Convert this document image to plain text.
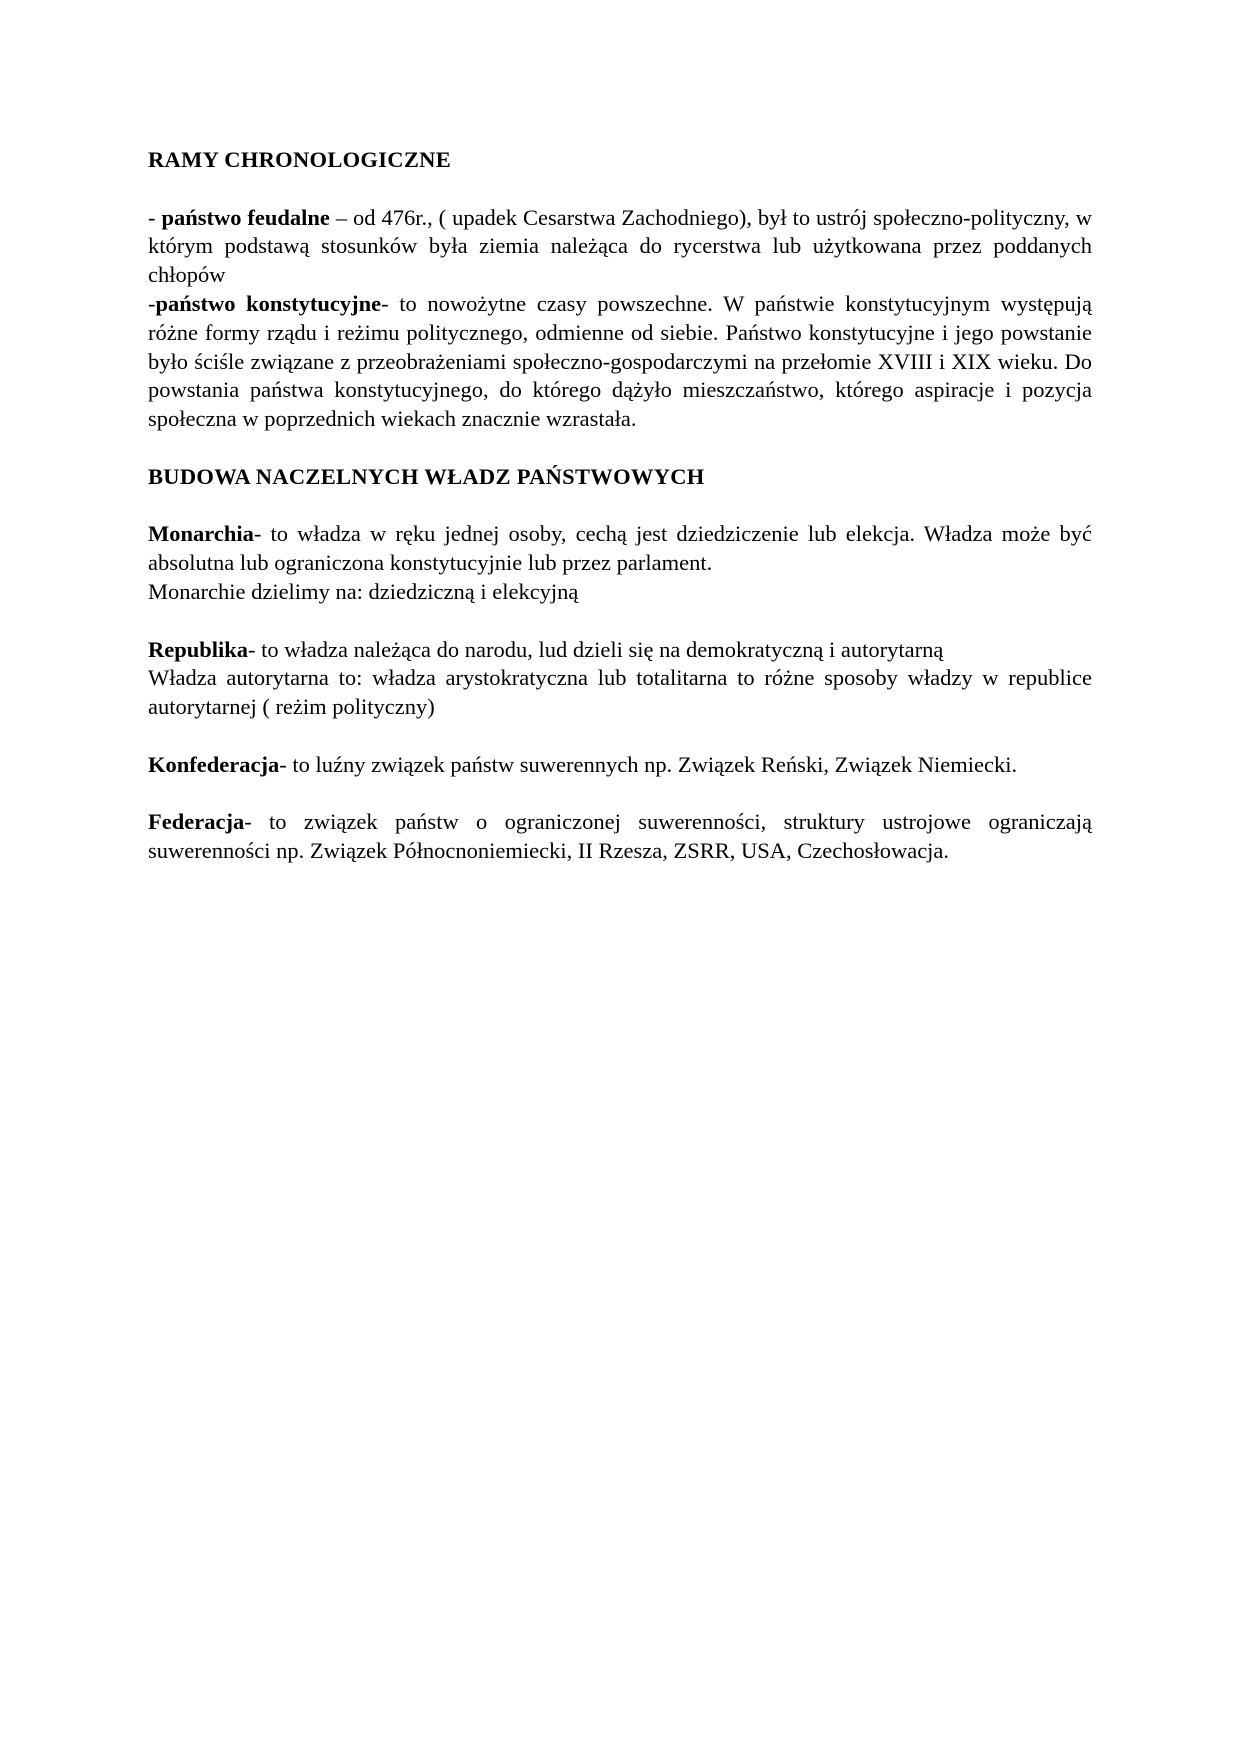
RAMY CHRONOLOGICZNE

- państwo feudalne – od 476r., ( upadek Cesarstwa Zachodniego), był to ustrój społeczno-polityczny, w którym podstawą stosunków była ziemia należąca do rycerstwa lub użytkowana przez poddanych chłopów

-państwo konstytucyjne- to nowożytne czasy powszechne. W państwie konstytucyjnym występują różne formy rządu i reżimu politycznego, odmienne od siebie. Państwo konstytucyjne i jego powstanie było ściśle związane z przeobrażeniami społeczno-gospodarczymi na przełomie XVIII i XIX wieku. Do powstania państwa konstytucyjnego, do którego dążyło mieszczaństwo, którego aspiracje i pozycja społeczna w poprzednich wiekach znacznie wzrastała.

BUDOWA NACZELNYCH WŁADZ PAŃSTWOWYCH

Monarchia- to władza w ręku jednej osoby, cechą jest dziedziczenie lub elekcja. Władza może być absolutna lub ograniczona konstytucyjnie lub przez parlament.

Monarchie dzielimy na: dziedziczną i elekcyjną

Republika- to władza należąca do narodu, lud dzieli się na demokratyczną i autorytarną

Władza autorytarna to: władza arystokratyczna lub totalitarna to różne sposoby władzy w republice autorytarnej ( reżim polityczny)

Konfederacja- to luźny związek państw suwerennych np. Związek Reński, Związek Niemiecki.

Federacja- to związek państw o ograniczonej suwerenności, struktury ustrojowe ograniczają suwerenności np. Związek Północnoniemiecki, II Rzesza, ZSRR, USA, Czechosłowacja.
